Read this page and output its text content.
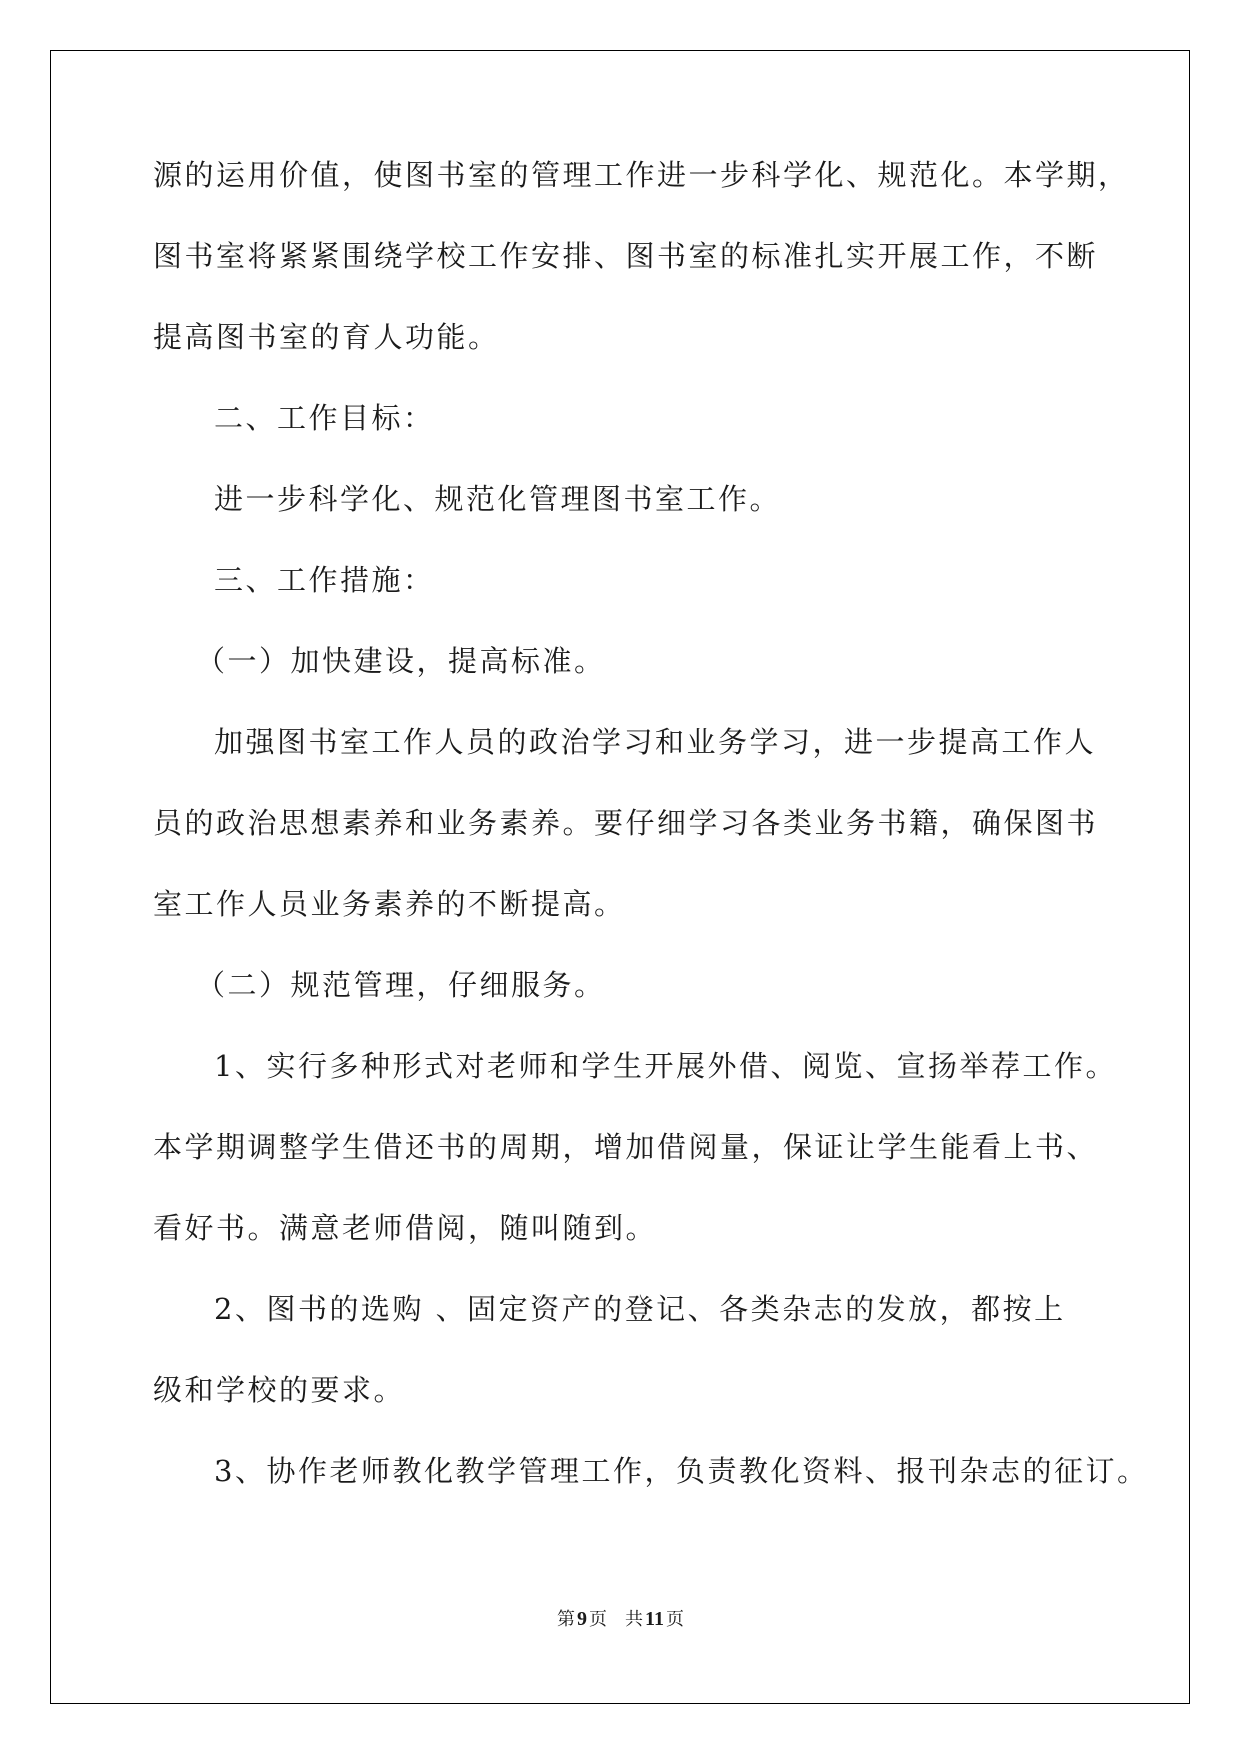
源的运用价值，使图书室的管理工作进一步科学化、规范化。本学期，
图书室将紧紧围绕学校工作安排、图书室的标准扎实开展工作，不断
提高图书室的育人功能。
二、工作目标：
进一步科学化、规范化管理图书室工作。
三、工作措施：
（一）加快建设，提高标准。
加强图书室工作人员的政治学习和业务学习，进一步提高工作人
员的政治思想素养和业务素养。要仔细学习各类业务书籍，确保图书
室工作人员业务素养的不断提高。
（二）规范管理，仔细服务。
1、实行多种形式对老师和学生开展外借、阅览、宣扬举荐工作。
本学期调整学生借还书的周期，增加借阅量，保证让学生能看上书、
看好书。满意老师借阅，随叫随到。
2、图书的选购 、固定资产的登记、各类杂志的发放，都按上
级和学校的要求。
3、协作老师教化教学管理工作，负责教化资料、报刊杂志的征订。
第 9 页 共 11 页
